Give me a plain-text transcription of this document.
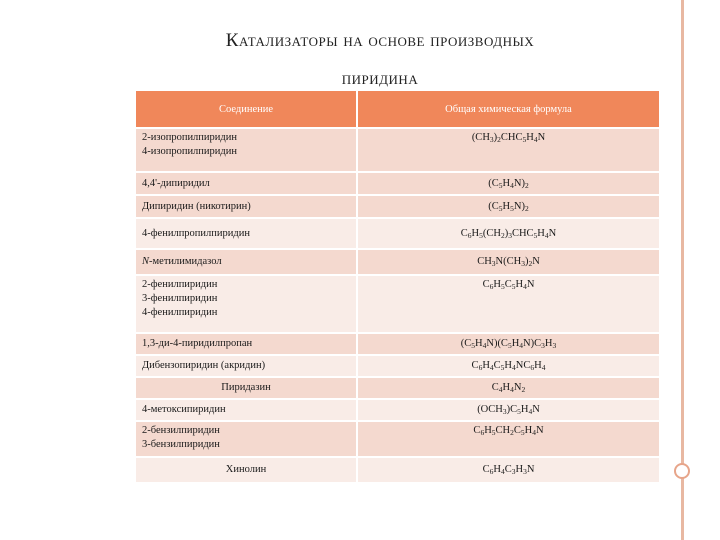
Катализаторы на основе производных
пиридина
Соединение	Общая химическая формула

2-изопропилпиридин
4-изопропилпиридин	$(CH_3)_2CHC_5H_4N$

4,4'-дипиридил	$(C_5H_4N)_2$

Дипиридин (никотирин)	$(C_5H_5N)_2$

4-фенилпропилпиридин	$C_6H_5(CH_2)_3CHC_5H_4N$

N-метилимидазол	$CH_3N(CH_3)_2N$

2-фенилпиридин
3-фенилпиридин
4-фенилпиридин	$C_6H_5C_5H_4N$

1,3-ди-4-пиридилпропан	$(C_5H_4N)(C_5H_4N)C_3H_3$

Дибензопиридин (акридин)	$C_6H_4C_5H_4NC_6H_4$

Пиридазин	$C_4H_4N_2$

4-метоксипиридин	$(OCH_3)C_5H_4N$

2-бензилпиридин
3-бензилпиридин	$C_6H_5CH_2C_5H_4N$

Хинолин	$C_6H_4C_3H_3N$
